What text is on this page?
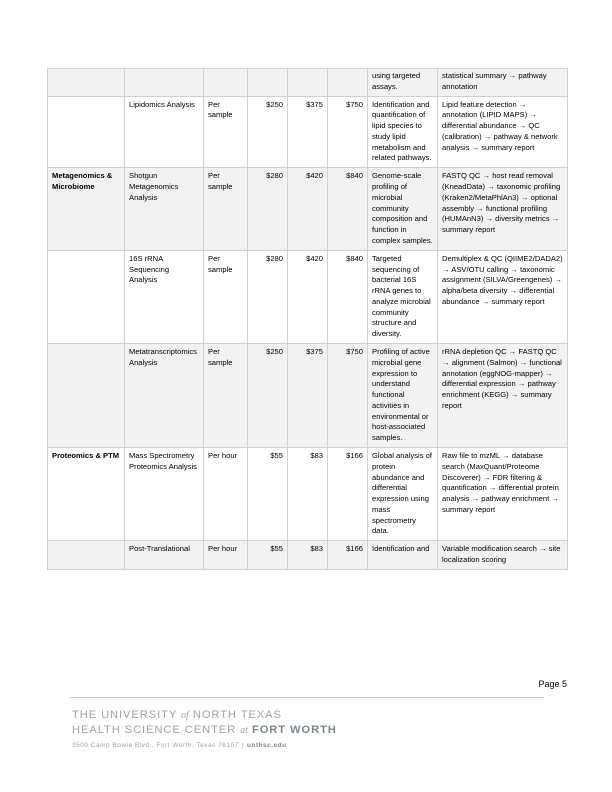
						using targeted assays.	statistical summary → pathway annotation
	Lipidomics Analysis	Per sample	$250	$375	$750	Identification and quantification of lipid species to study lipid metabolism and related pathways.	Lipid feature detection → annotation (LIPID MAPS) → differential abundance → QC (calibration) → pathway & network analysis → summary report
Metagenomics & Microbiome	Shotgun Metagenomics Analysis	Per sample	$280	$420	$840	Genome-scale profiling of microbial community composition and function in complex samples.	FASTQ QC → host read removal (KneadData) → taxonomic profiling (Kraken2/MetaPhlAn3) → optional assembly → functional profiling (HUMAnN3) → diversity metrics → summary report
	16S rRNA Sequencing Analysis	Per sample	$280	$420	$840	Targeted sequencing of bacterial 16S rRNA genes to analyze microbial community structure and diversity.	Demultiplex & QC (QIIME2/DADA2) → ASV/OTU calling → taxonomic assignment (SILVA/Greengenes) → alpha/beta diversity → differential abundance → summary report
	Metatranscriptomics Analysis	Per sample	$250	$375	$750	Profiling of active microbial gene expression to understand functional activities in environmental or host-associated samples.	rRNA depletion QC → FASTQ QC → alignment (Salmon) → functional annotation (eggNOG-mapper) → differential expression → pathway enrichment (KEGG) → summary report
Proteomics & PTM	Mass Spectrometry Proteomics Analysis	Per hour	$55	$83	$166	Global analysis of protein abundance and differential expression using mass spectrometry data.	Raw file to mzML → database search (MaxQuant/Proteome Discoverer) → FDR filtering & quantification → differential protein analysis → pathway enrichment → summary report
	Post-Translational	Per hour	$55	$83	$166	Identification and	Variable modification search → site localization scoring
Page 5
THE UNIVERSITY of NORTH TEXAS
HEALTH SCIENCE CENTER at FORT WORTH
3500 Camp Bowie Blvd., Fort Worth, Texas 76107 | unthsc.edu
